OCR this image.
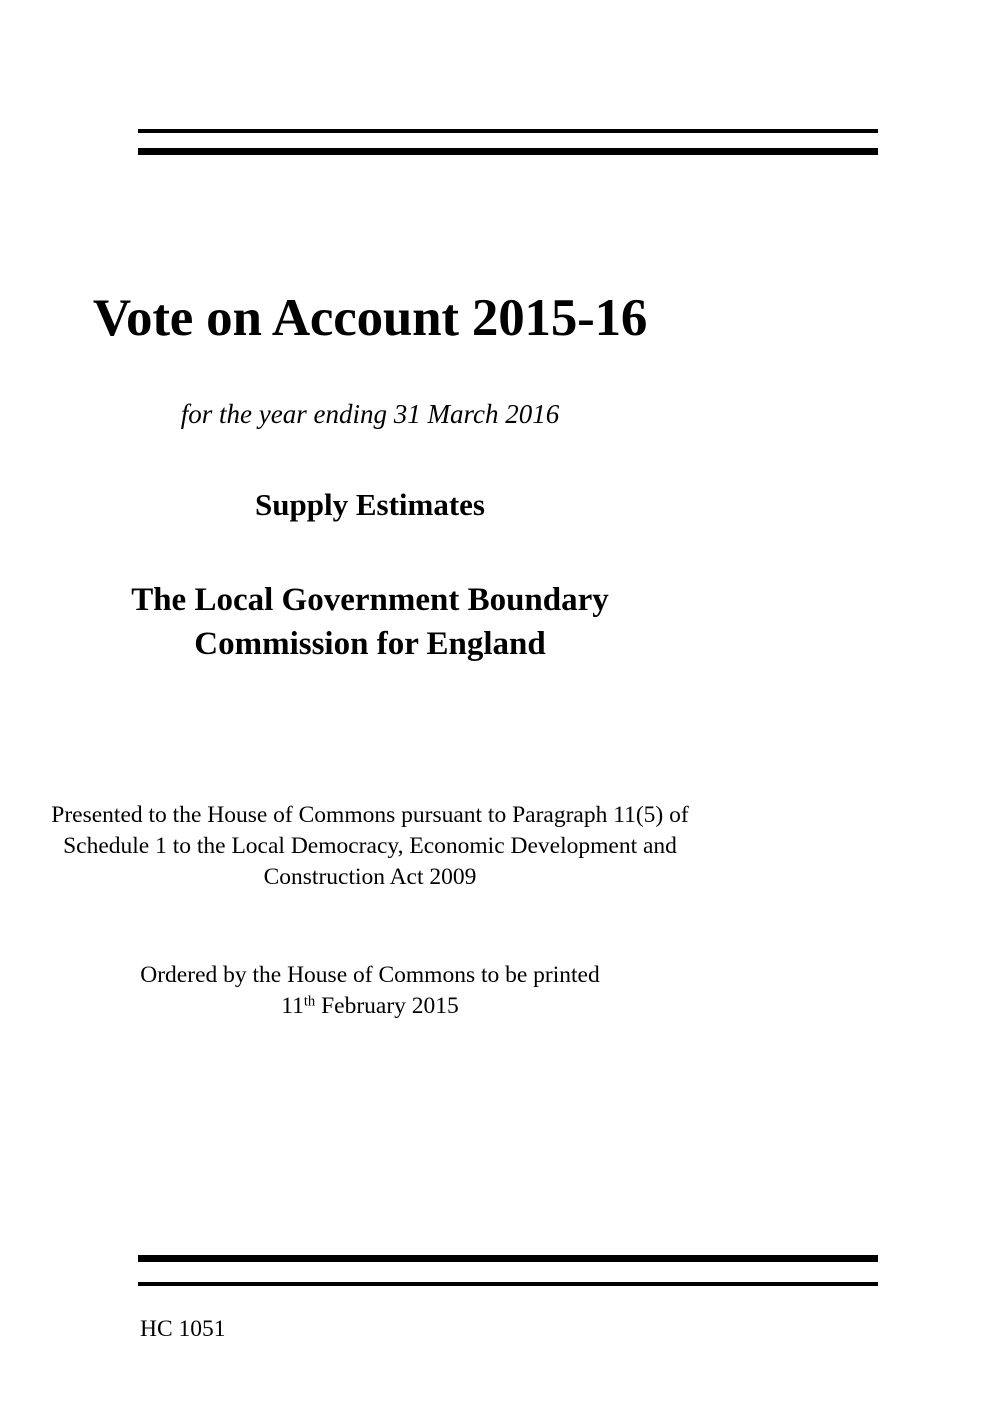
Vote on Account 2015-16
for the year ending 31 March 2016
Supply Estimates
The Local Government Boundary
Commission for England
Presented to the House of Commons pursuant to Paragraph 11(5) of
Schedule 1 to the Local Democracy, Economic Development and
Construction Act 2009
Ordered by the House of Commons to be printed
11th February 2015
HC 1051
